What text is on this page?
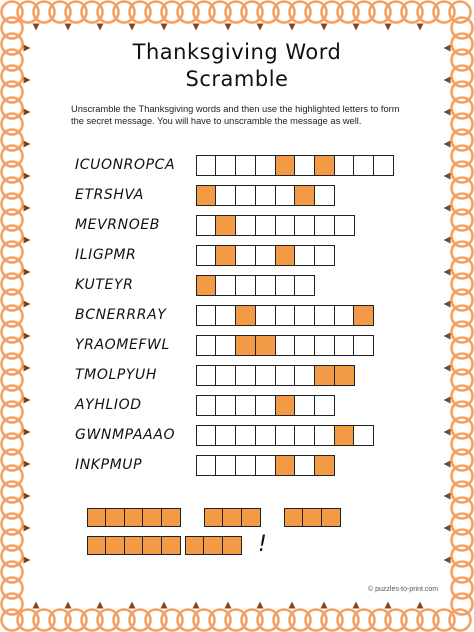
Thanksgiving Word
Scramble
Unscramble the Thanksgiving words and then use the highlighted letters to form the secret message. You will have to unscramble the message as well.
ICUONROPCA
ETRSHVA
MEVRNOEB
ILIGPMR
KUTEYR
BCNERRRAY
YRAOMEFWL
TMOLPYUH
AYHLIOD
GWNMPAAAO
INKPMUP
!
© puzzles-to-print.com
